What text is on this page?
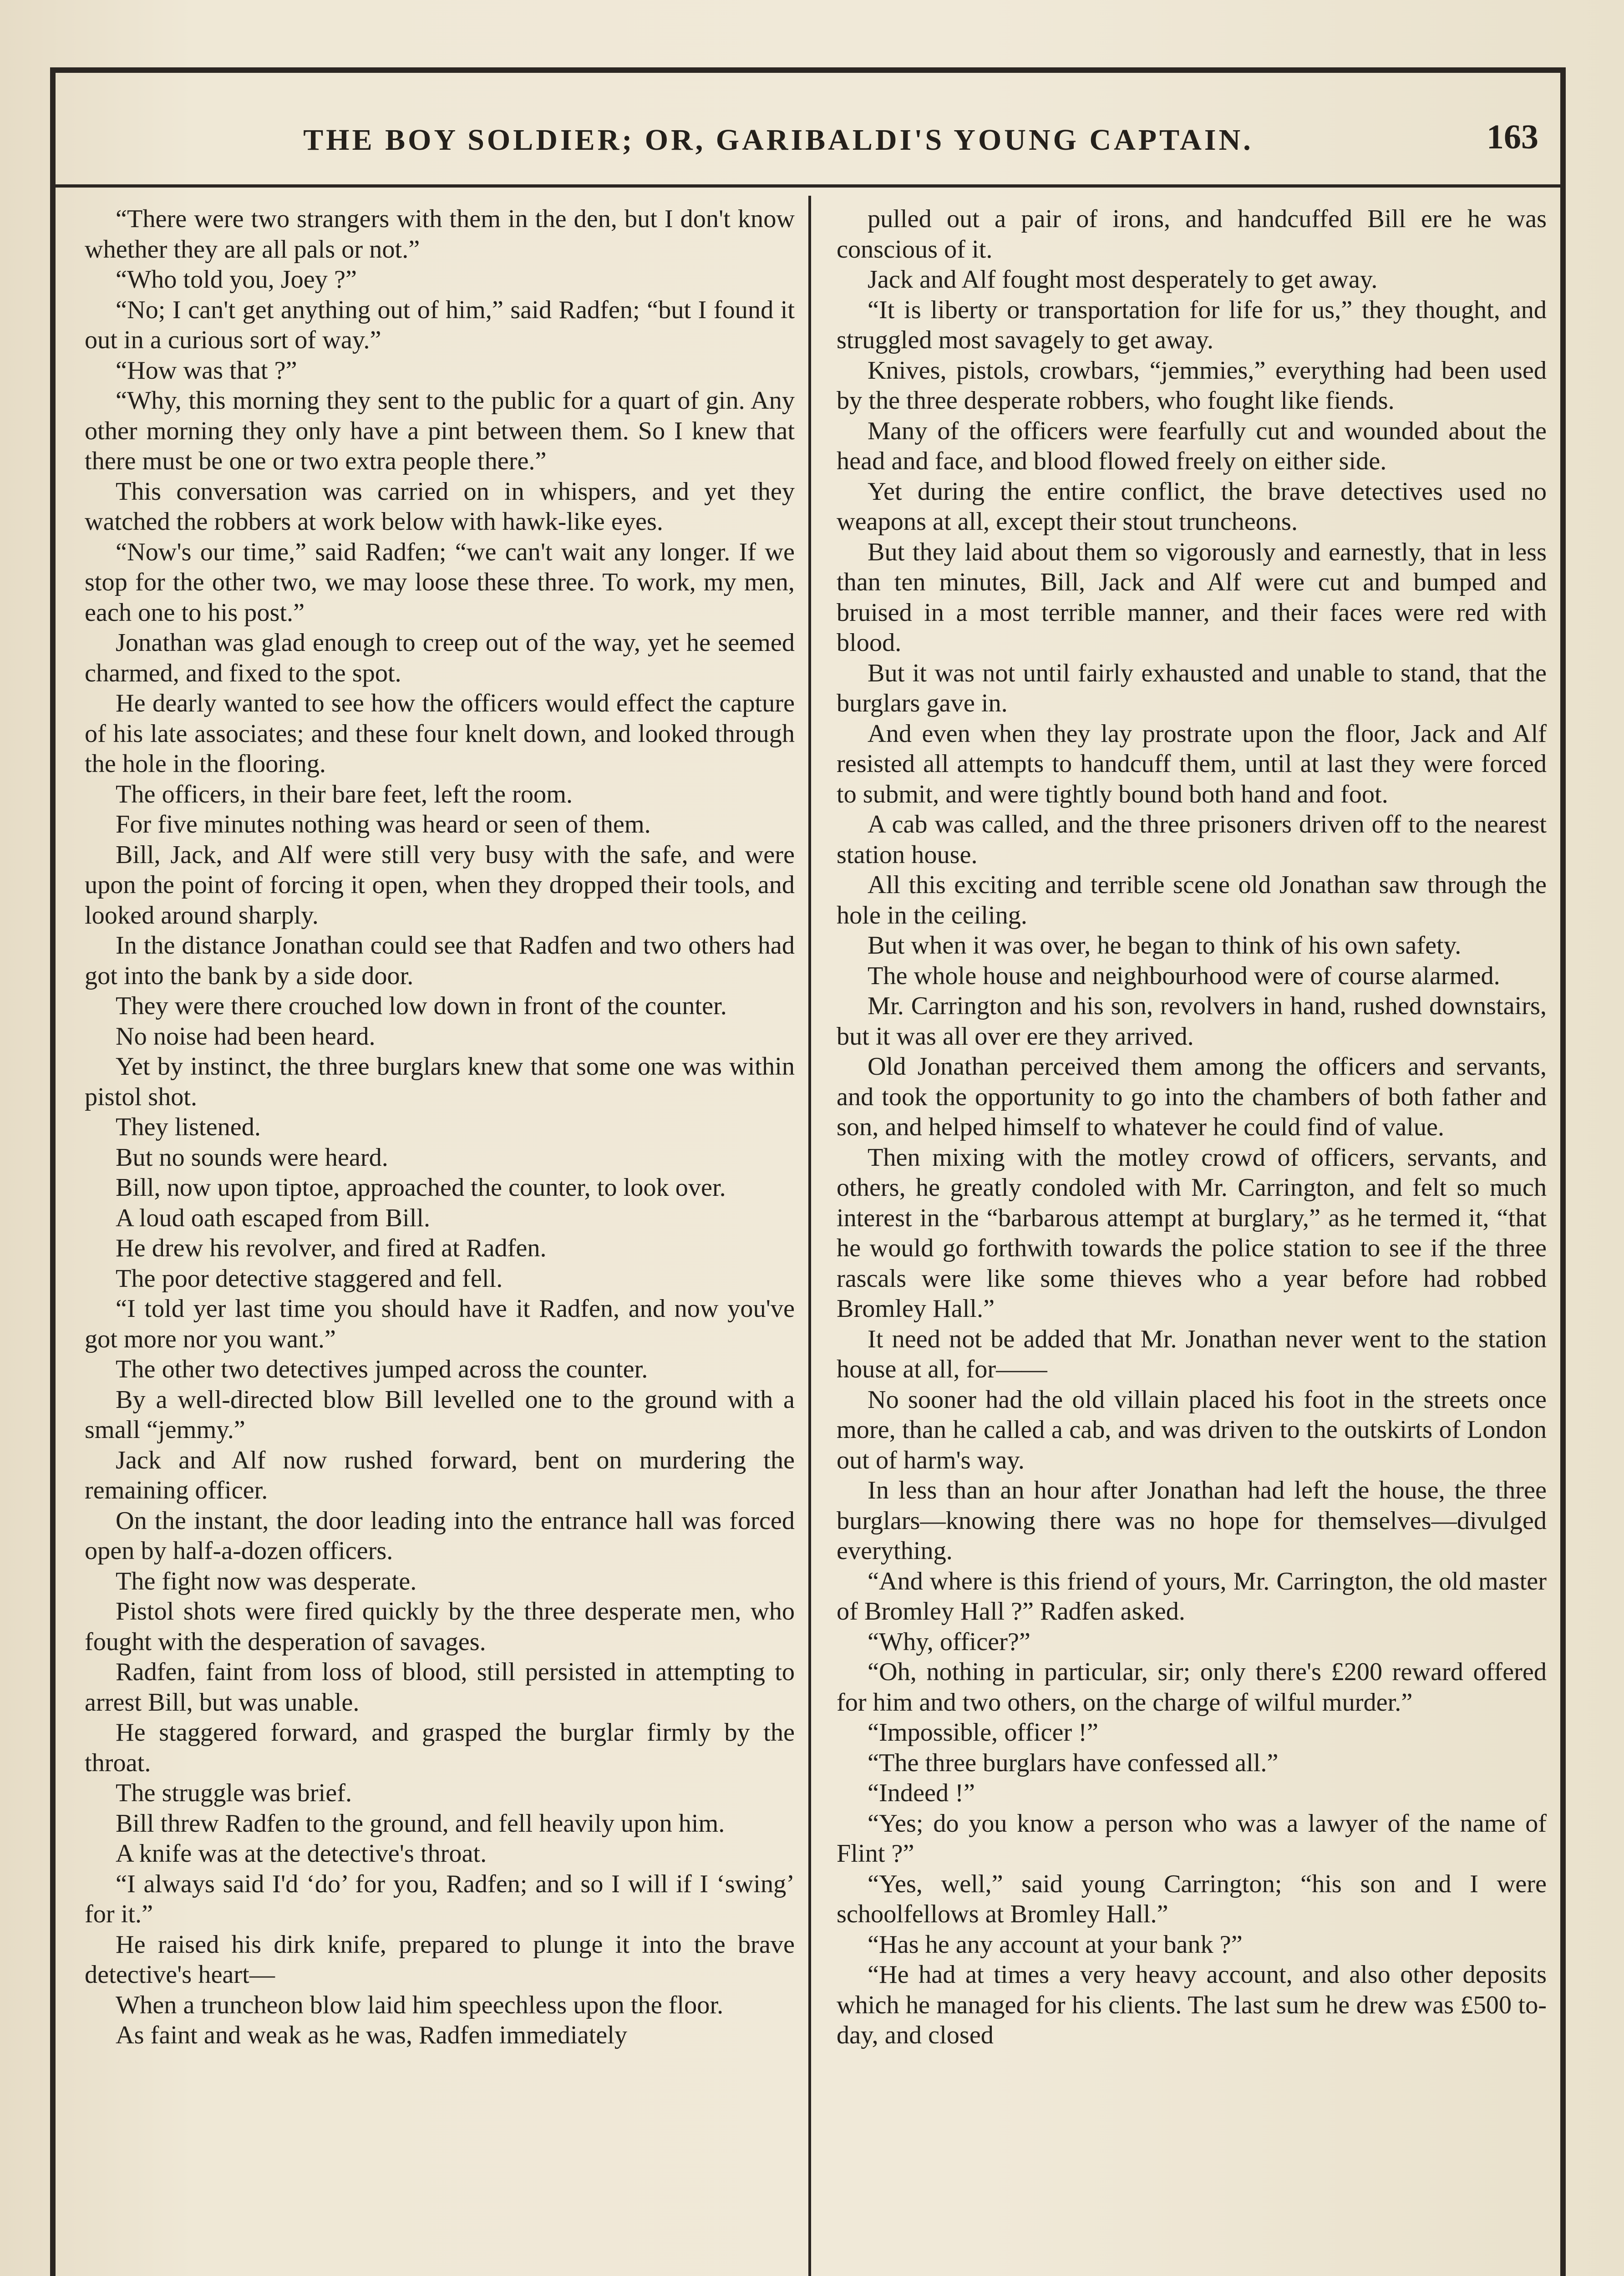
THE BOY SOLDIER; OR, GARIBALDI'S YOUNG CAPTAIN.	163

“There were two strangers with them in the den, but I don't know whether they are all pals or not.”

“Who told you, Joey ?”

“No; I can't get anything out of him,” said Radfen; “but I found it out in a curious sort of way.”

“How was that ?”

“Why, this morning they sent to the public for a quart of gin. Any other morning they only have a pint between them. So I knew that there must be one or two extra people there.”

This conversation was carried on in whispers, and yet they watched the robbers at work below with hawk-like eyes.

“Now's our time,” said Radfen; “we can't wait any longer. If we stop for the other two, we may loose these three. To work, my men, each one to his post.”

Jonathan was glad enough to creep out of the way, yet he seemed charmed, and fixed to the spot.

He dearly wanted to see how the officers would effect the capture of his late associates; and these four knelt down, and looked through the hole in the flooring.

The officers, in their bare feet, left the room.

For five minutes nothing was heard or seen of them.

Bill, Jack, and Alf were still very busy with the safe, and were upon the point of forcing it open, when they dropped their tools, and looked around sharply.

In the distance Jonathan could see that Radfen and two others had got into the bank by a side door.

They were there crouched low down in front of the counter.

No noise had been heard.

Yet by instinct, the three burglars knew that some one was within pistol shot.

They listened.

But no sounds were heard.

Bill, now upon tiptoe, approached the counter, to look over.

A loud oath escaped from Bill.

He drew his revolver, and fired at Radfen.

The poor detective staggered and fell.

“I told yer last time you should have it Radfen, and now you've got more nor you want.”

The other two detectives jumped across the counter.

By a well-directed blow Bill levelled one to the ground with a small “jemmy.”

Jack and Alf now rushed forward, bent on murdering the remaining officer.

On the instant, the door leading into the entrance hall was forced open by half-a-dozen officers.

The fight now was desperate.

Pistol shots were fired quickly by the three desperate men, who fought with the desperation of savages.

Radfen, faint from loss of blood, still persisted in attempting to arrest Bill, but was unable.

He staggered forward, and grasped the burglar firmly by the throat.

The struggle was brief.

Bill threw Radfen to the ground, and fell heavily upon him.

A knife was at the detective's throat.

“I always said I'd ‘do’ for you, Radfen; and so I will if I ‘swing’ for it.”

He raised his dirk knife, prepared to plunge it into the brave detective's heart—

When a truncheon blow laid him speechless upon the floor.

As faint and weak as he was, Radfen immediately

pulled out a pair of irons, and handcuffed Bill ere he was conscious of it.

Jack and Alf fought most desperately to get away.

“It is liberty or transportation for life for us,” they thought, and struggled most savagely to get away.

Knives, pistols, crowbars, “jemmies,” everything had been used by the three desperate robbers, who fought like fiends.

Many of the officers were fearfully cut and wounded about the head and face, and blood flowed freely on either side.

Yet during the entire conflict, the brave detectives used no weapons at all, except their stout truncheons.

But they laid about them so vigorously and earnestly, that in less than ten minutes, Bill, Jack and Alf were cut and bumped and bruised in a most terrible manner, and their faces were red with blood.

But it was not until fairly exhausted and unable to stand, that the burglars gave in.

And even when they lay prostrate upon the floor, Jack and Alf resisted all attempts to handcuff them, until at last they were forced to submit, and were tightly bound both hand and foot.

A cab was called, and the three prisoners driven off to the nearest station house.

All this exciting and terrible scene old Jonathan saw through the hole in the ceiling.

But when it was over, he began to think of his own safety.

The whole house and neighbourhood were of course alarmed.

Mr. Carrington and his son, revolvers in hand, rushed downstairs, but it was all over ere they arrived.

Old Jonathan perceived them among the officers and servants, and took the opportunity to go into the chambers of both father and son, and helped himself to whatever he could find of value.

Then mixing with the motley crowd of officers, servants, and others, he greatly condoled with Mr. Carrington, and felt so much interest in the “barbarous attempt at burglary,” as he termed it, “that he would go forthwith towards the police station to see if the three rascals were like some thieves who a year before had robbed Bromley Hall.”

It need not be added that Mr. Jonathan never went to the station house at all, for——

No sooner had the old villain placed his foot in the streets once more, than he called a cab, and was driven to the outskirts of London out of harm's way.

In less than an hour after Jonathan had left the house, the three burglars—knowing there was no hope for themselves—divulged everything.

“And where is this friend of yours, Mr. Carrington, the old master of Bromley Hall ?” Radfen asked.

“Why, officer?”

“Oh, nothing in particular, sir; only there's £200 reward offered for him and two others, on the charge of wilful murder.”

“Impossible, officer !”

“The three burglars have confessed all.”

“Indeed !”

“Yes; do you know a person who was a lawyer of the name of Flint ?”

“Yes, well,” said young Carrington; “his son and I were schoolfellows at Bromley Hall.”

“Has he any account at your bank ?”

“He had at times a very heavy account, and also other deposits which he managed for his clients. The last sum he drew was £500 to-day, and closed
